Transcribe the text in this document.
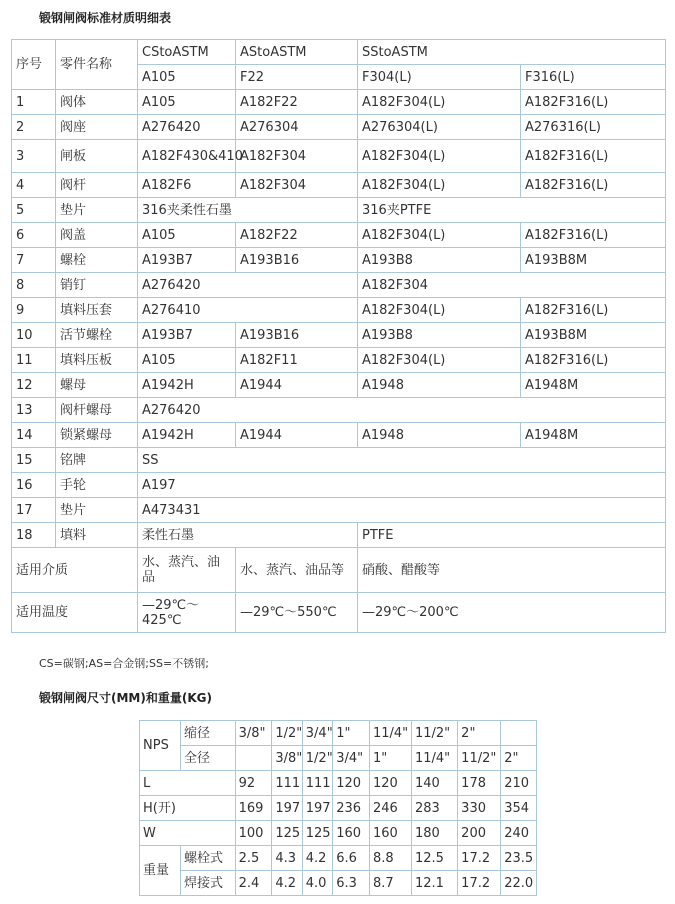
锻钢闸阀标准材质明细表
序号	零件名称	CStoASTM	AStoASTM	SStoASTM	
		A105	F22	F304(L)	F316(L)
1	阀体	A105	A182F22	A182F304(L)	A182F316(L)
2	阀座	A276420	A276304	A276304(L)	A276316(L)
3	闸板	A182F430&410	A182F304	A182F304(L)	A182F316(L)
4	阀杆	A182F6	A182F304	A182F304(L)	A182F316(L)
5	垫片	316夹柔性石墨		316夹PTFE	
6	阀盖	A105	A182F22	A182F304(L)	A182F316(L)
7	螺栓	A193B7	A193B16	A193B8	A193B8M
8	销钉	A276420		A182F304	
9	填料压套	A276410		A182F304(L)	A182F316(L)
10	活节螺栓	A193B7	A193B16	A193B8	A193B8M
11	填料压板	A105	A182F11	A182F304(L)	A182F316(L)
12	螺母	A1942H	A1944	A1948	A1948M
13	阀杆螺母	A276420			
14	锁紧螺母	A1942H	A1944	A1948	A1948M
15	铭牌	SS			
16	手轮	A197			
17	垫片	A473431			
18	填料	柔性石墨		PTFE	
适用介质		水、蒸汽、油品	水、蒸汽、油品等	硝酸、醋酸等	
适用温度		—29℃～425℃	—29℃～550℃	—29℃～200℃	
CS=碳钢;AS=合金钢;SS=不锈钢;
锻钢闸阀尺寸(MM)和重量(KG)
NPS	缩径	3/8"	1/2"	3/4"	1"	11/4"	11/2"	2"	
	全径		3/8"	1/2"	3/4"	1"	11/4"	11/2"	2"
L		92	111	111	120	120	140	178	210
H(开)		169	197	197	236	246	283	330	354
W		100	125	125	160	160	180	200	240
重量	螺栓式	2.5	4.3	4.2	6.6	8.8	12.5	17.2	23.5
	焊接式	2.4	4.2	4.0	6.3	8.7	12.1	17.2	22.0
